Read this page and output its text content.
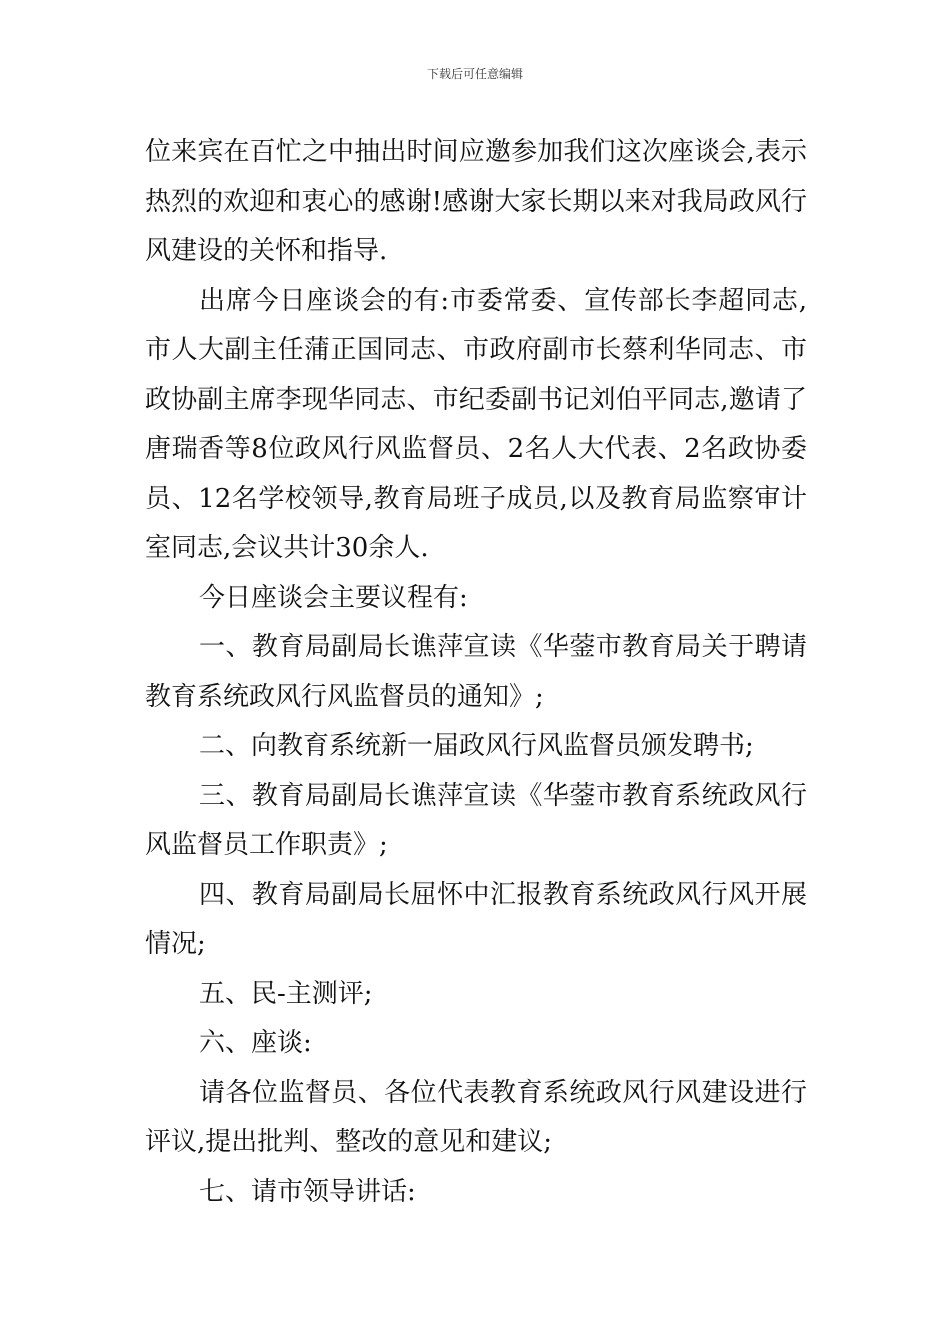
下载后可任意编辑

位来宾在百忙之中抽出时间应邀参加我们这次座谈会,表示热烈的欢迎和衷心的感谢!感谢大家长期以来对我局政风行风建设的关怀和指导.

出席今日座谈会的有:市委常委、宣传部长李超同志,市人大副主任蒲正国同志、市政府副市长蔡利华同志、市政协副主席李现华同志、市纪委副书记刘伯平同志,邀请了唐瑞香等8位政风行风监督员、2名人大代表、2名政协委员、12名学校领导,教育局班子成员,以及教育局监察审计室同志,会议共计30余人.

今日座谈会主要议程有:

一、教育局副局长谯萍宣读《华蓥市教育局关于聘请教育系统政风行风监督员的通知》;

二、向教育系统新一届政风行风监督员颁发聘书;

三、教育局副局长谯萍宣读《华蓥市教育系统政风行风监督员工作职责》;

四、教育局副局长屈怀中汇报教育系统政风行风开展情况;

五、民-主测评;

六、座谈:

请各位监督员、各位代表教育系统政风行风建设进行评议,提出批判、整改的意见和建议;

七、请市领导讲话:
